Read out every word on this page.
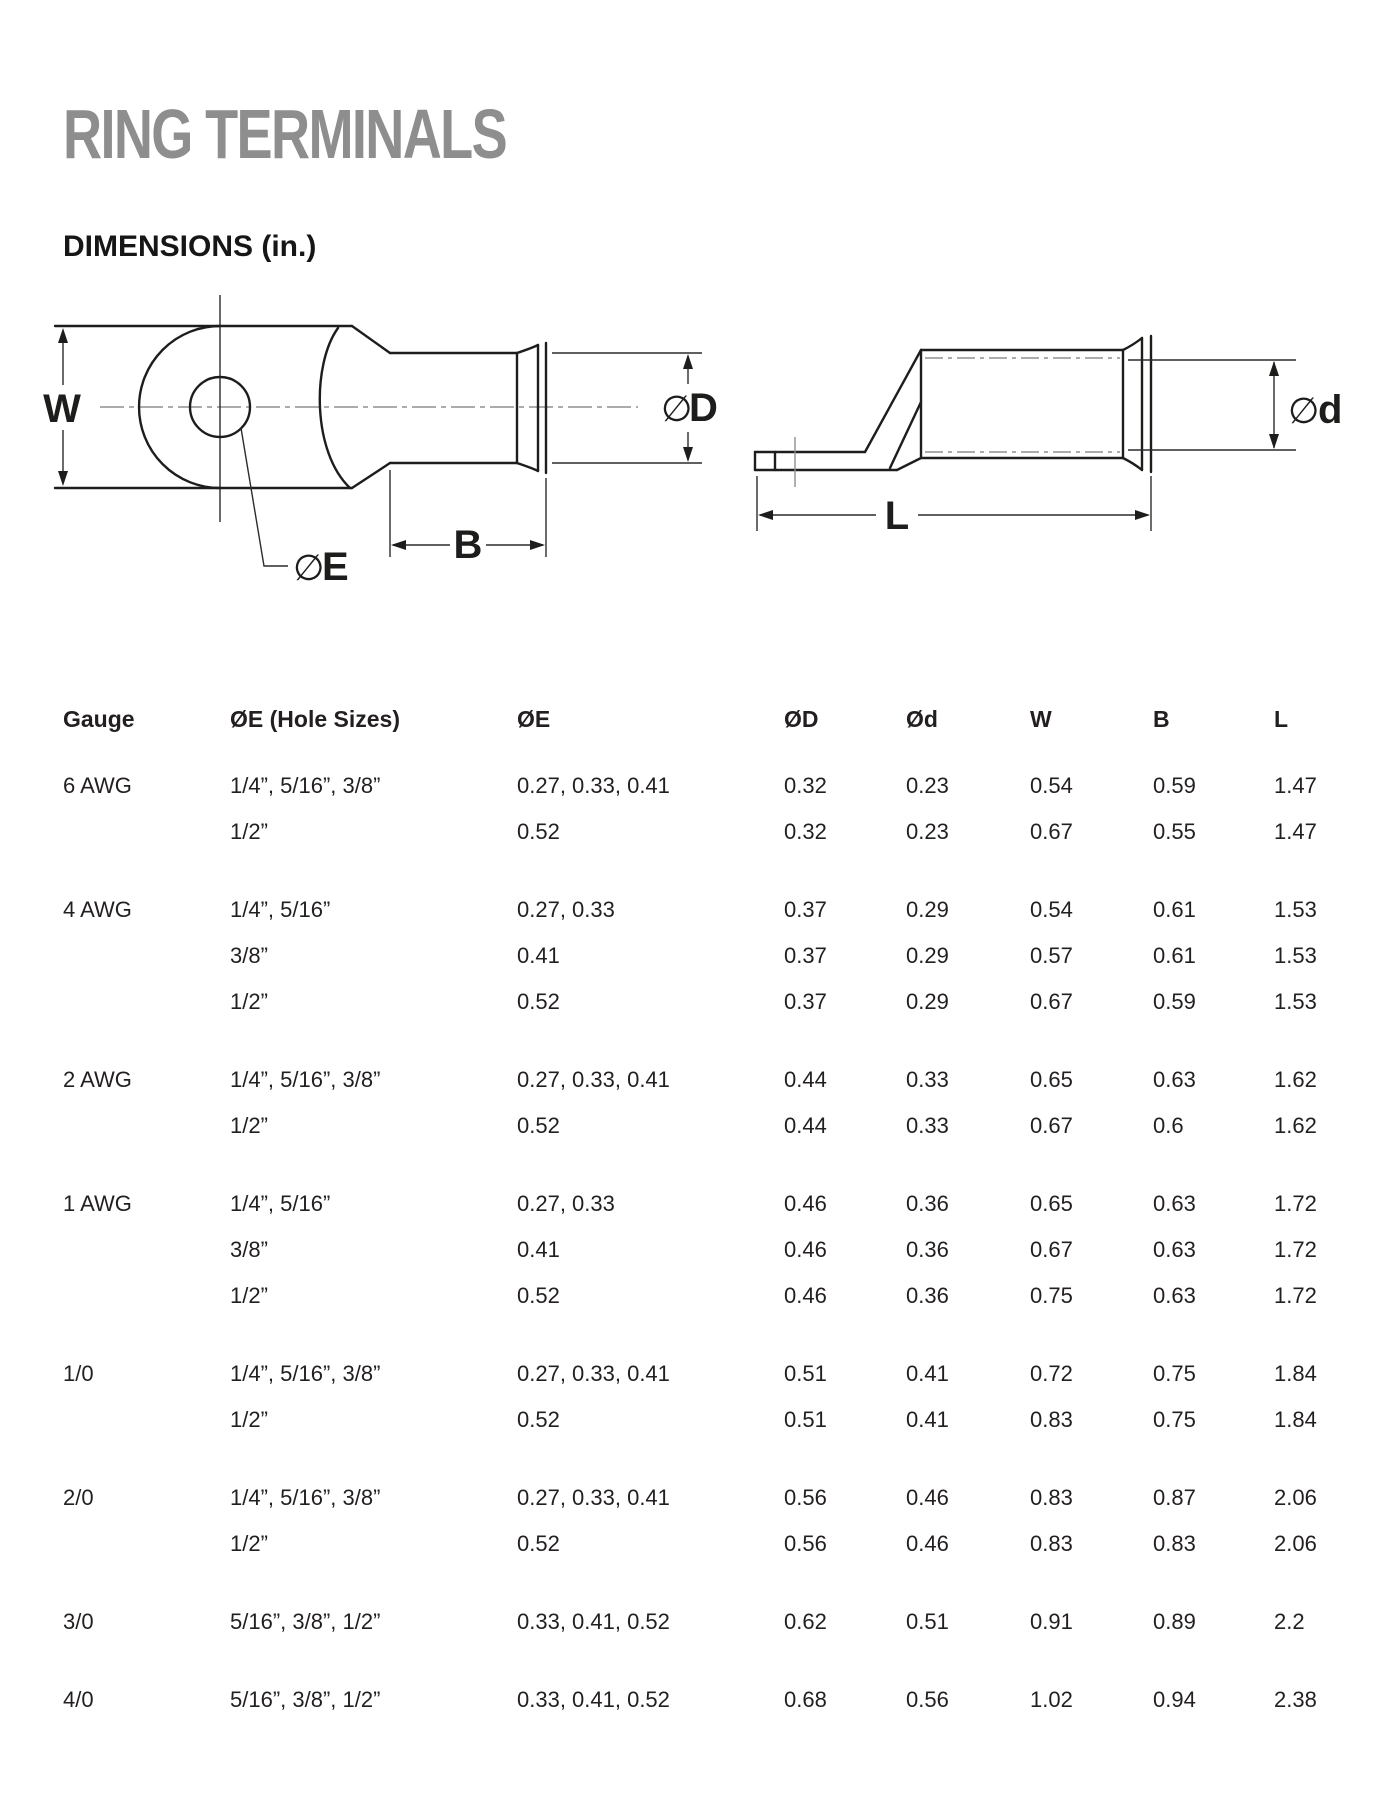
RING TERMINALS
DIMENSIONS (in.)
W	∅
D
B
∅
E
∅
d
L
Gauge	ØE (Hole Sizes)	ØE	ØD	Ød	W	B	L
6 AWG	1/4”, 5/16”, 3/8”	0.27, 0.33, 0.41	0.32	0.23	0.54	0.59	1.47
1/2”	0.52	0.32	0.23	0.67	0.55	1.47
4 AWG	1/4”, 5/16”	0.27, 0.33	0.37	0.29	0.54	0.61	1.53
3/8”	0.41	0.37	0.29	0.57	0.61	1.53
1/2”	0.52	0.37	0.29	0.67	0.59	1.53
2 AWG	1/4”, 5/16”, 3/8”	0.27, 0.33, 0.41	0.44	0.33	0.65	0.63	1.62
1/2”	0.52	0.44	0.33	0.67	0.6	1.62
1 AWG	1/4”, 5/16”	0.27, 0.33	0.46	0.36	0.65	0.63	1.72
3/8”	0.41	0.46	0.36	0.67	0.63	1.72
1/2”	0.52	0.46	0.36	0.75	0.63	1.72
1/0	1/4”, 5/16”, 3/8”	0.27, 0.33, 0.41	0.51	0.41	0.72	0.75	1.84
1/2”	0.52	0.51	0.41	0.83	0.75	1.84
2/0	1/4”, 5/16”, 3/8”	0.27, 0.33, 0.41	0.56	0.46	0.83	0.87	2.06
1/2”	0.52	0.56	0.46	0.83	0.83	2.06
3/0	5/16”, 3/8”, 1/2”	0.33, 0.41, 0.52	0.62	0.51	0.91	0.89	2.2
4/0	5/16”, 3/8”, 1/2”	0.33, 0.41, 0.52	0.68	0.56	1.02	0.94	2.38
